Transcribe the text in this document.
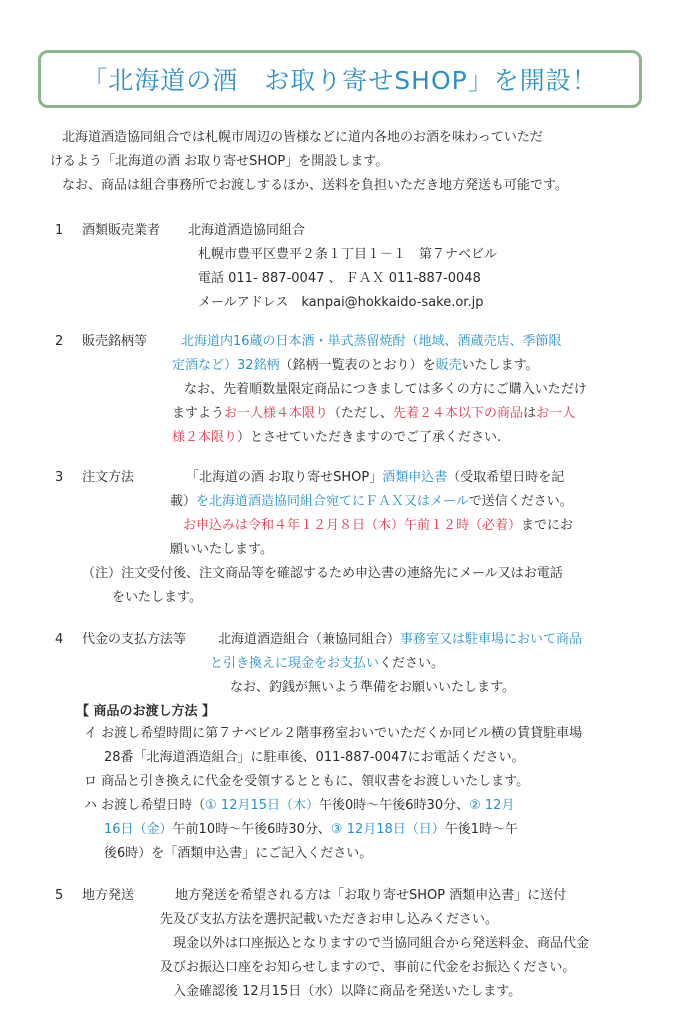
「北海道の酒　お取り寄せSHOP」を開設！
北海道酒造協同組合では札幌市周辺の皆様などに道内各地のお酒を味わっていただ
けるよう「北海道の酒 お取り寄せSHOP」を開設します。
なお、商品は組合事務所でお渡しするほか、送料を負担いただき地方発送も可能です。
1 酒類販売業者 北海道酒造協同組合
札幌市豊平区豊平２条１丁目１－１　第７ナベビル
電話 011- 887-0047 、 ＦＡＸ 011-887-0048
メールアドレス　kanpai@hokkaido-sake.or.jp
2 販売銘柄等	北海道内16蔵の日本酒・単式蒸留焼酎（地域、酒蔵売店、季節限
定酒など）32銘柄（銘柄一覧表のとおり）を販売いたします。
なお、先着順数量限定商品につきましては多くの方にご購入いただけ
ますようお一人様４本限り（ただし、先着２４本以下の商品はお一人
様２本限り）とさせていただきますのでご了承ください.
3 注文方法	「北海道の酒 お取り寄せSHOP」酒類申込書（受取希望日時を記
載）を北海道酒造協同組合宛てにＦＡＸ又はメールで送信ください。
お申込みは令和４年１２月８日（木）午前１２時（必着）までにお
願いいたします。
（注）注文受付後、注文商品等を確認するため申込書の連絡先にメール又はお電話
をいたします。
4 代金の支払方法等 北海道酒造組合（兼協同組合）事務室又は駐車場において商品
と引き換えに現金をお支払いください。
なお、釣銭が無いよう準備をお願いいたします。
【 商品のお渡し方法 】
イ お渡し希望時間に第７ナベビル２階事務室おいでいただくか同ビル横の賃貸駐車場
28番「北海道酒造組合」に駐車後、011-887-0047にお電話ください。
ロ 商品と引き換えに代金を受領するとともに、領収書をお渡しいたします。
ハ お渡し希望日時（① 12月15日（木）午後0時〜午後6時30分、② 12月
16日（金）午前10時〜午後6時30分、③ 12月18日（日）午後1時〜午
後6時）を「酒類申込書」にご記入ください。
5 地方発送	地方発送を希望される方は「お取り寄せSHOP 酒類申込書」に送付
先及び支払方法を選択記載いただきお申し込みください。
現金以外は口座振込となりますので当協同組合から発送料金、商品代金
及びお振込口座をお知らせしますので、事前に代金をお振込ください。
入金確認後 12月15日（水）以降に商品を発送いたします。
